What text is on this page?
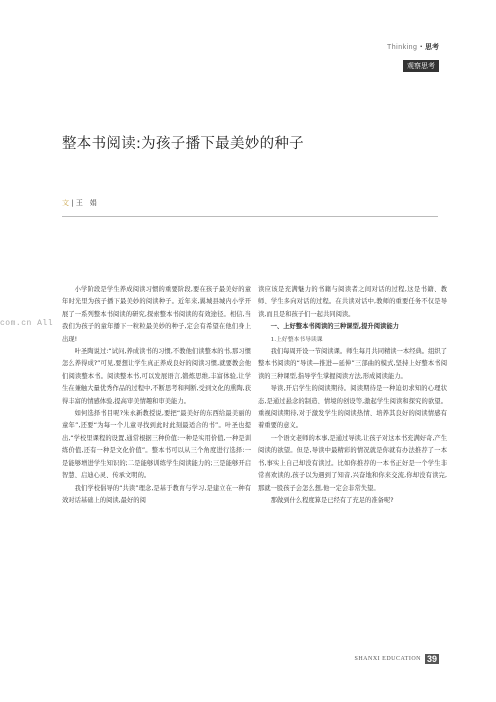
Thinking · 思考
观察思考
整本书阅读:为孩子播下最美妙的种子
文 | 王　娟
com.cn All

小学阶段是学生养成阅读习惯的重要阶段,要在孩子最美好的童年时光里为孩子播下最美妙的阅读种子。近年来,翼城县城内小学开展了一系列整本书阅读的研究,探索整本书阅读的有效途径。相信,当我们为孩子的童年播下一粒粒最美妙的种子,定会有希望在他们身上出现!

叶圣陶说过:“试问,养成读书的习惯,不教他们读整本的书,那习惯怎么养得成?”可见,要想让学生真正养成良好的阅读习惯,就要教会他们阅读整本书。阅读整本书,可以发展语言,锻炼思维,丰富体验,让学生在兼触大量优秀作品的过程中,不断思考和判断,受到文化的熏陶,获得丰富的情感体验,提高审美情趣和审美能力。

如何选择书目呢?朱永新教授说,要把“最美好的东西给最美丽的童年”,还要“为每一个儿童寻找到此时此刻最适合的书”。叶圣也提出,“学校里课程的设置,通常根据三种价值:一种是实用价值,一种是训练价值,还有一种是文化价值”。整本书可以从三个角度进行选择:一是能够增进学生知识的;二是能够训练学生阅读能力的;三是能够开启智慧、启迪心灵、传承文明的。

我们学校倡导的“共读”理念,是基于教育与学习,是建立在一种有效对话基础上的阅读,最好的阅

读应该是充满魅力的书籍与阅读者之间对话的过程,这是书籍、教师、学生多向对话的过程。在共读对话中,教师的重要任务不仅是导读,而且是和孩子们一起共同阅读。

一、上好整本书阅读的三种课型,提升阅读能力

1.上好整本书导读课

我们每周开设一节阅读课。师生每月共同精读一本经典。组织了整本书阅读的“导读—推进—延伸”三部曲的模式,坚持上好整本书阅读的三种课型,指导学生掌握阅读方法,形成阅读能力。

导读,开启学生的阅读期待。阅读期待是一种迫切求知的心理状态,是通过悬念的制造、情境的创设等,激起学生阅读和探究的欲望。重视阅读期待,对于激发学生的阅读热情、培养其良好的阅读情感有着重要的意义。

一个语文老师的本事,是通过导读,让孩子对这本书充满好奇,产生阅读的欲望。但是,导读中最精彩的情况就是你就有办法推荐了一本书,事实上自己却没有读过。比如你推荐的一本书正好是一个学生非常喜欢读的,孩子以为遇到了知音,兴奋地和你来交流,你却没有读完,那就一股孩子会怎么想,他一定会非常失望。

那做到什么程度算是已经有了充足的准备呢?

SHANXI EDUCATION 39
